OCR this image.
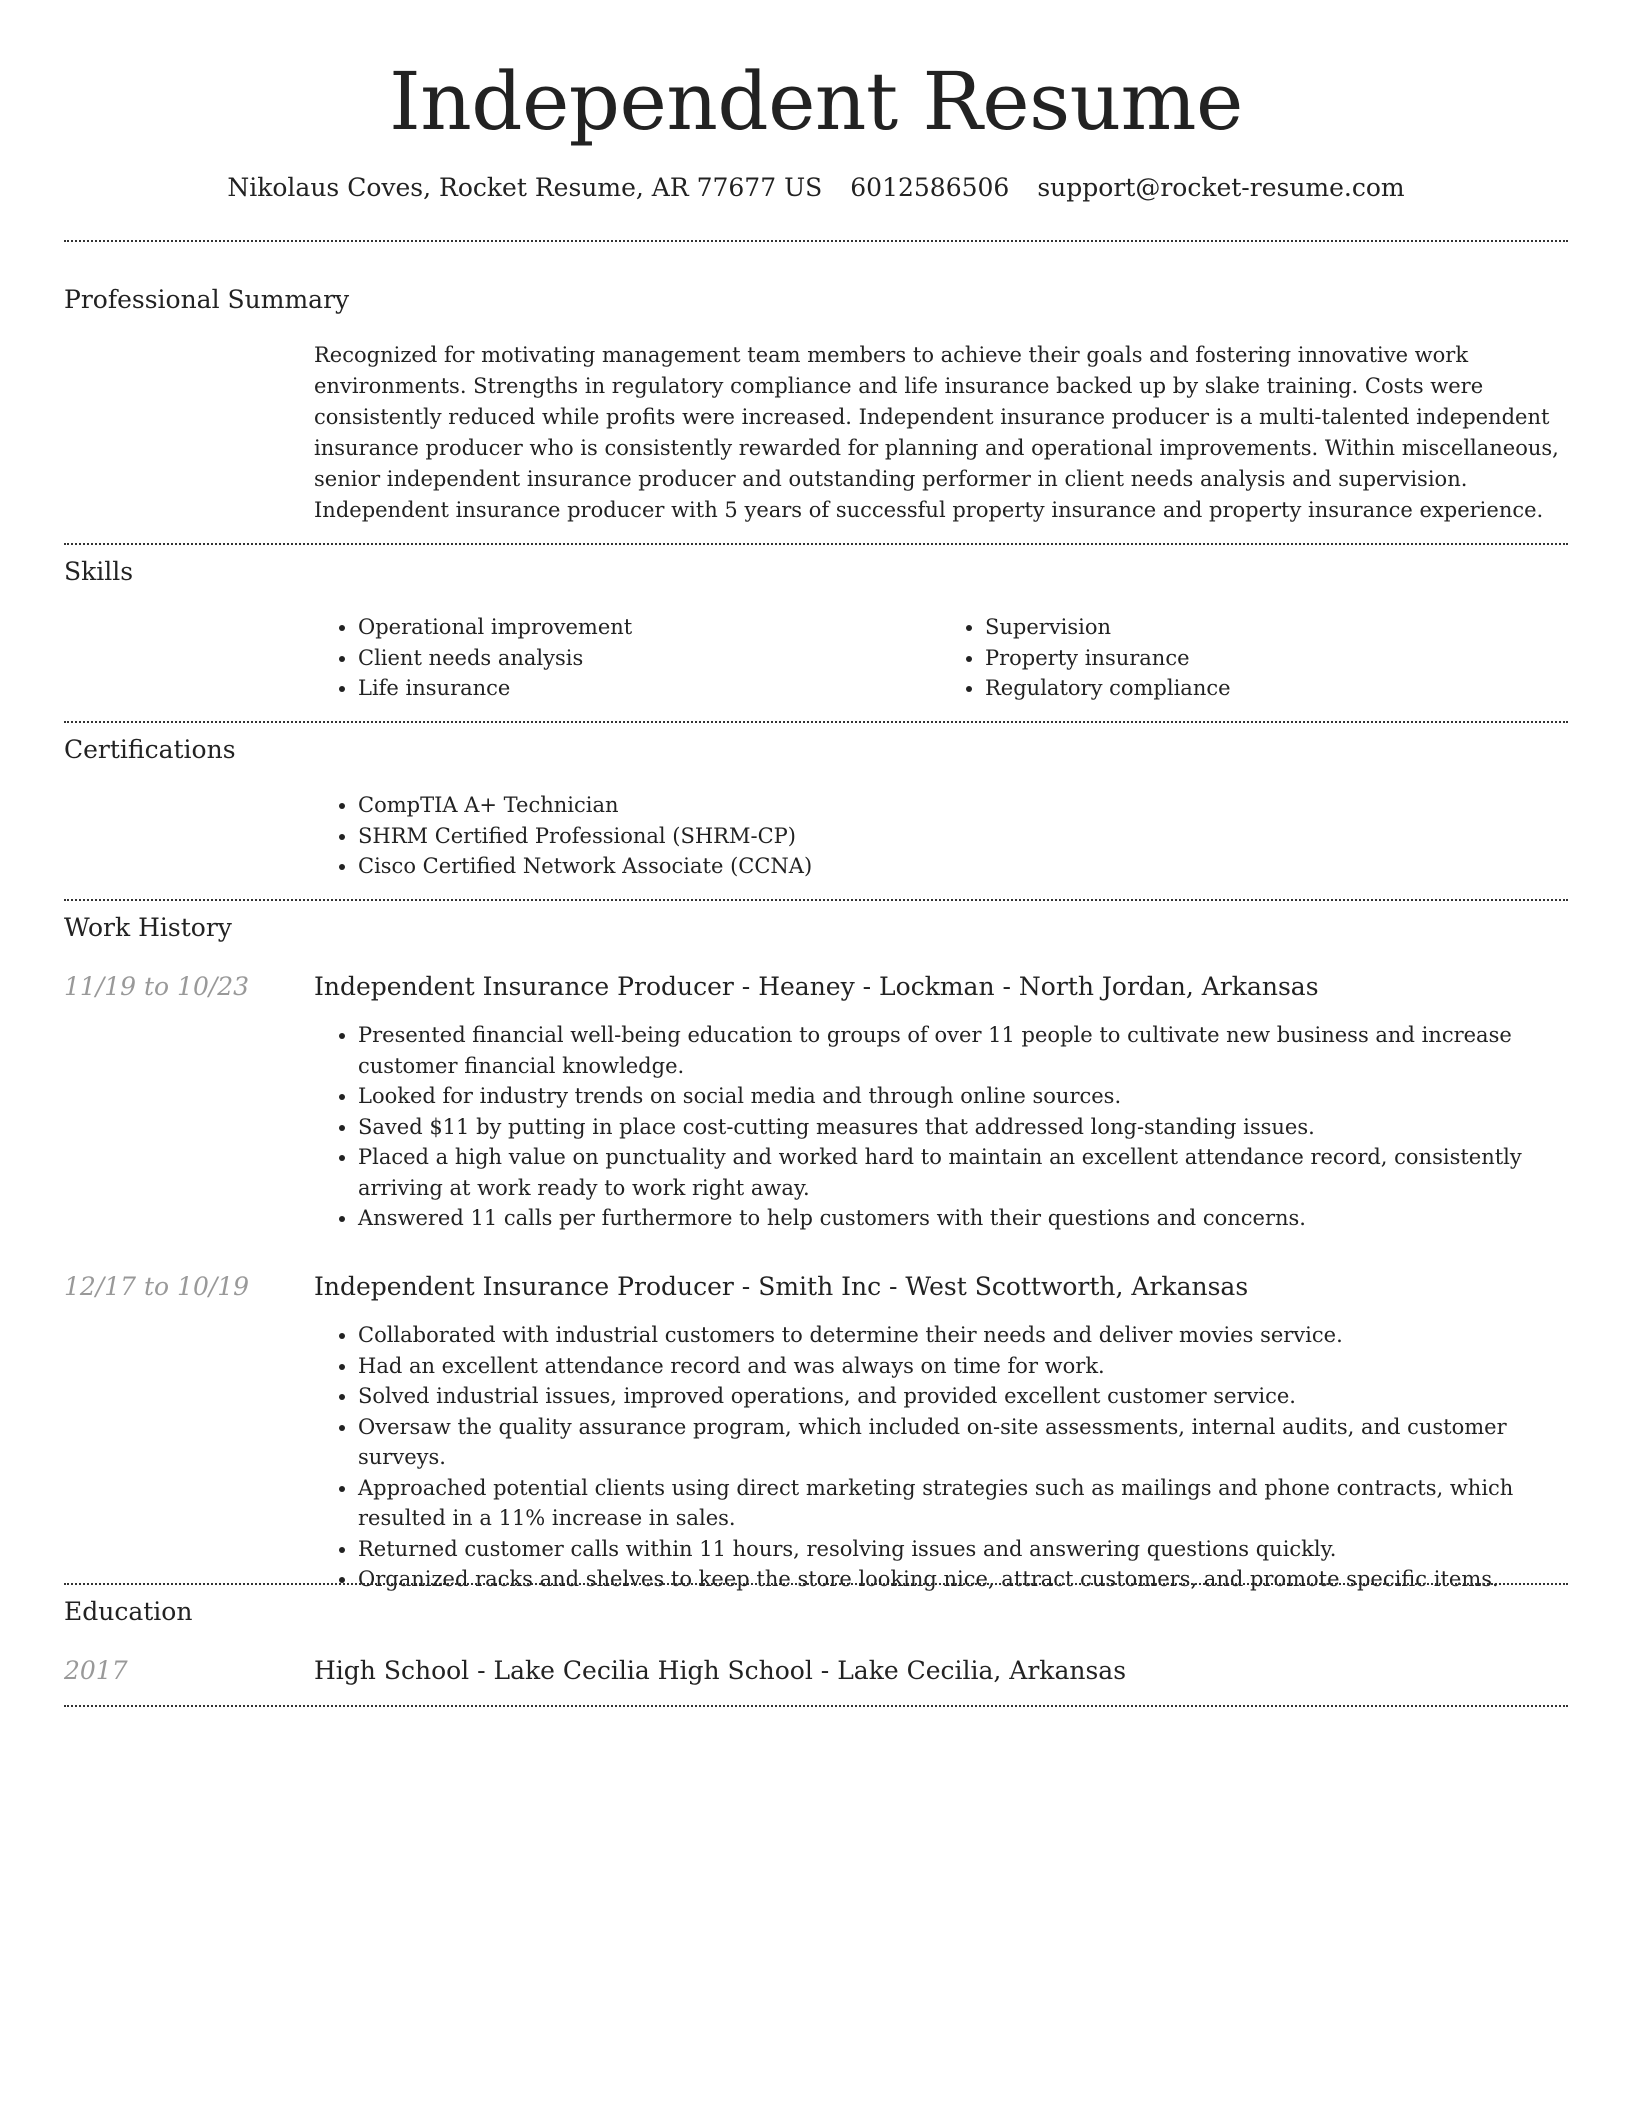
Independent Resume
Nikolaus Coves, Rocket Resume, AR 77677 US 6012586506 support@rocket-resume.com
Professional Summary

Recognized for motivating management team members to achieve their goals and fostering innovative work environments. Strengths in regulatory compliance and life insurance backed up by slake training. Costs were consistently reduced while profits were increased. Independent insurance producer is a multi-talented independent insurance producer who is consistently rewarded for planning and operational improvements. Within miscellaneous, senior independent insurance producer and outstanding performer in client needs analysis and supervision. Independent insurance producer with 5 years of successful property insurance and property insurance experience.

Skills
• Operational improvement
• Client needs analysis
• Life insurance
• Supervision
• Property insurance
• Regulatory compliance
Certifications
• CompTIA A+ Technician
• SHRM Certified Professional (SHRM-CP)
• Cisco Certified Network Associate (CCNA)
Work History
11/19 to 10/23	Independent Insurance Producer - Heaney - Lockman - North Jordan, Arkansas
• Presented financial well-being education to groups of over 11 people to cultivate new business and increase customer financial knowledge.
• Looked for industry trends on social media and through online sources.
• Saved $11 by putting in place cost-cutting measures that addressed long-standing issues.
• Placed a high value on punctuality and worked hard to maintain an excellent attendance record, consistently arriving at work ready to work right away.
• Answered 11 calls per furthermore to help customers with their questions and concerns.
12/17 to 10/19	Independent Insurance Producer - Smith Inc - West Scottworth, Arkansas
• Collaborated with industrial customers to determine their needs and deliver movies service.
• Had an excellent attendance record and was always on time for work.
• Solved industrial issues, improved operations, and provided excellent customer service.
• Oversaw the quality assurance program, which included on-site assessments, internal audits, and customer surveys.
• Approached potential clients using direct marketing strategies such as mailings and phone contracts, which resulted in a 11% increase in sales.
• Returned customer calls within 11 hours, resolving issues and answering questions quickly.
• Organized racks and shelves to keep the store looking nice, attract customers, and promote specific items.
Education
2017	High School - Lake Cecilia High School - Lake Cecilia, Arkansas
